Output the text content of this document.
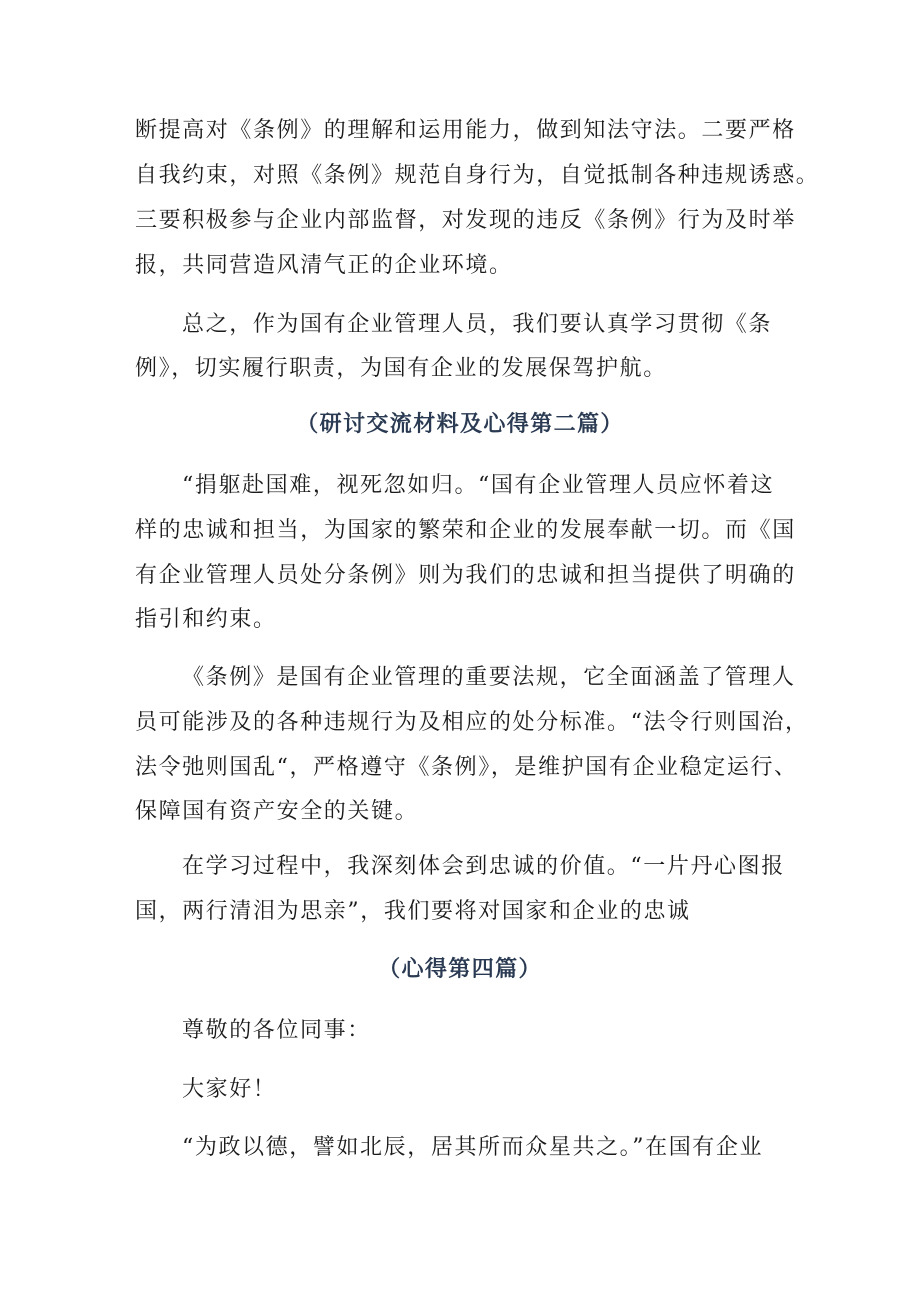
断提高对《条例》的理解和运用能力，做到知法守法。二要严格
自我约束，对照《条例》规范自身行为，自觉抵制各种违规诱惑。
三要积极参与企业内部监督，对发现的违反《条例》行为及时举
报，共同营造风清气正的企业环境。
总之，作为国有企业管理人员，我们要认真学习贯彻《条
例》，切实履行职责，为国有企业的发展保驾护航。
（研讨交流材料及心得第二篇）
“捐躯赴国难，视死忽如归。“国有企业管理人员应怀着这
样的忠诚和担当，为国家的繁荣和企业的发展奉献一切。而《国
有企业管理人员处分条例》则为我们的忠诚和担当提供了明确的
指引和约束。
《条例》是国有企业管理的重要法规，它全面涵盖了管理人
员可能涉及的各种违规行为及相应的处分标准。“法令行则国治，
法令弛则国乱“，严格遵守《条例》，是维护国有企业稳定运行、
保障国有资产安全的关键。
在学习过程中，我深刻体会到忠诚的价值。“一片丹心图报
国，两行清泪为思亲”，我们要将对国家和企业的忠诚
（心得第四篇）
尊敬的各位同事：
大家好！
“为政以德，譬如北辰，居其所而众星共之。”在国有企业
